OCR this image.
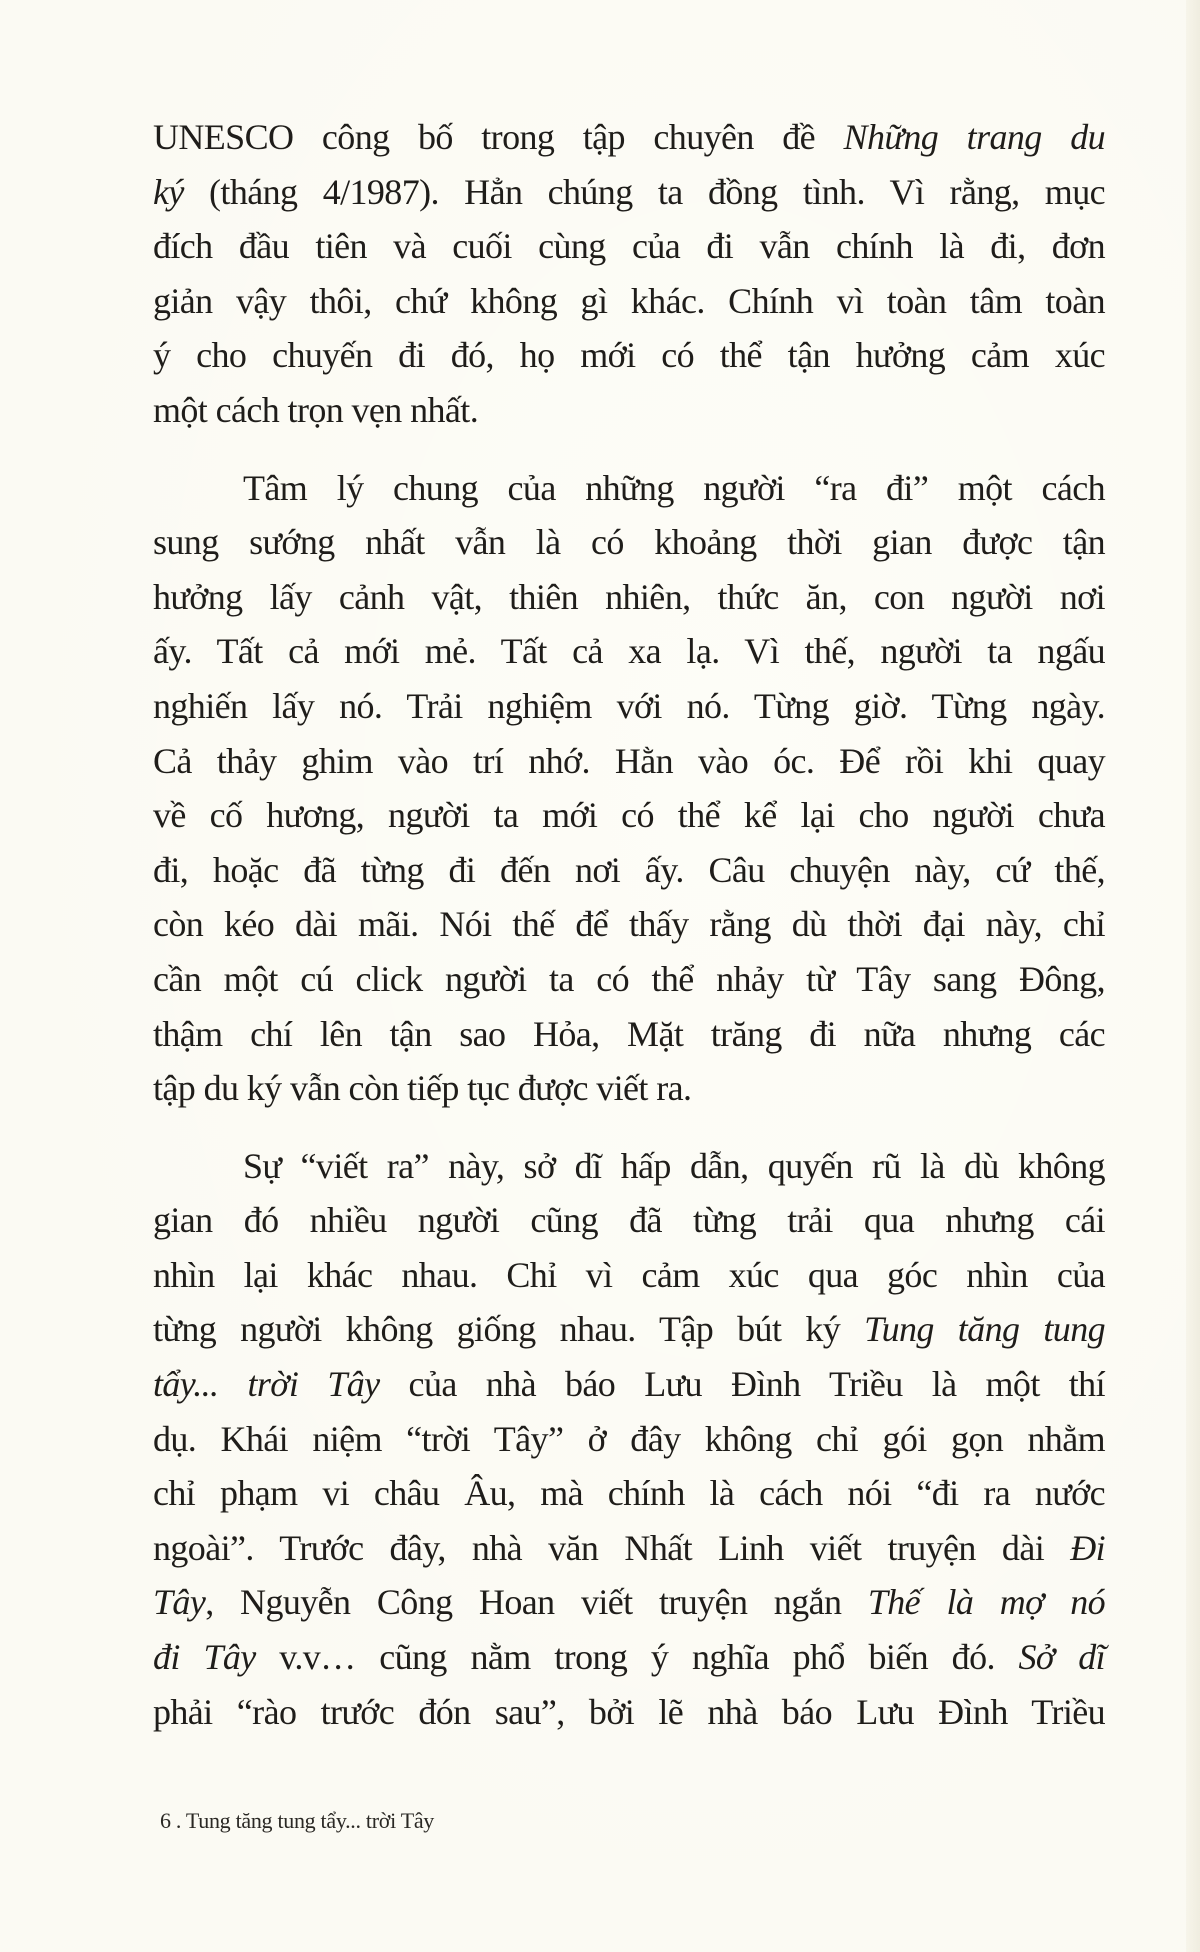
UNESCO công bố trong tập chuyên đề Những trang du
ký (tháng 4/1987). Hẳn chúng ta đồng tình. Vì rằng, mục
đích đầu tiên và cuối cùng của đi vẫn chính là đi, đơn
giản vậy thôi, chứ không gì khác. Chính vì toàn tâm toàn
ý cho chuyến đi đó, họ mới có thể tận hưởng cảm xúc
một cách trọn vẹn nhất.
Tâm lý chung của những người “ra đi” một cách
sung sướng nhất vẫn là có khoảng thời gian được tận
hưởng lấy cảnh vật, thiên nhiên, thức ăn, con người nơi
ấy. Tất cả mới mẻ. Tất cả xa lạ. Vì thế, người ta ngấu
nghiến lấy nó. Trải nghiệm với nó. Từng giờ. Từng ngày.
Cả thảy ghim vào trí nhớ. Hằn vào óc. Để rồi khi quay
về cố hương, người ta mới có thể kể lại cho người chưa
đi, hoặc đã từng đi đến nơi ấy. Câu chuyện này, cứ thế,
còn kéo dài mãi. Nói thế để thấy rằng dù thời đại này, chỉ
cần một cú click người ta có thể nhảy từ Tây sang Đông,
thậm chí lên tận sao Hỏa, Mặt trăng đi nữa nhưng các
tập du ký vẫn còn tiếp tục được viết ra.
Sự “viết ra” này, sở dĩ hấp dẫn, quyến rũ là dù không
gian đó nhiều người cũng đã từng trải qua nhưng cái
nhìn lại khác nhau. Chỉ vì cảm xúc qua góc nhìn của
từng người không giống nhau. Tập bút ký Tung tăng tung
tẩy... trời Tây của nhà báo Lưu Đình Triều là một thí
dụ. Khái niệm “trời Tây” ở đây không chỉ gói gọn nhằm
chỉ phạm vi châu Âu, mà chính là cách nói “đi ra nước
ngoài”. Trước đây, nhà văn Nhất Linh viết truyện dài Đi
Tây, Nguyễn Công Hoan viết truyện ngắn Thế là mợ nó
đi Tây v.v… cũng nằm trong ý nghĩa phổ biến đó. Sở dĩ
phải “rào trước đón sau”, bởi lẽ nhà báo Lưu Đình Triều
6 . Tung tăng tung tẩy... trời Tây
